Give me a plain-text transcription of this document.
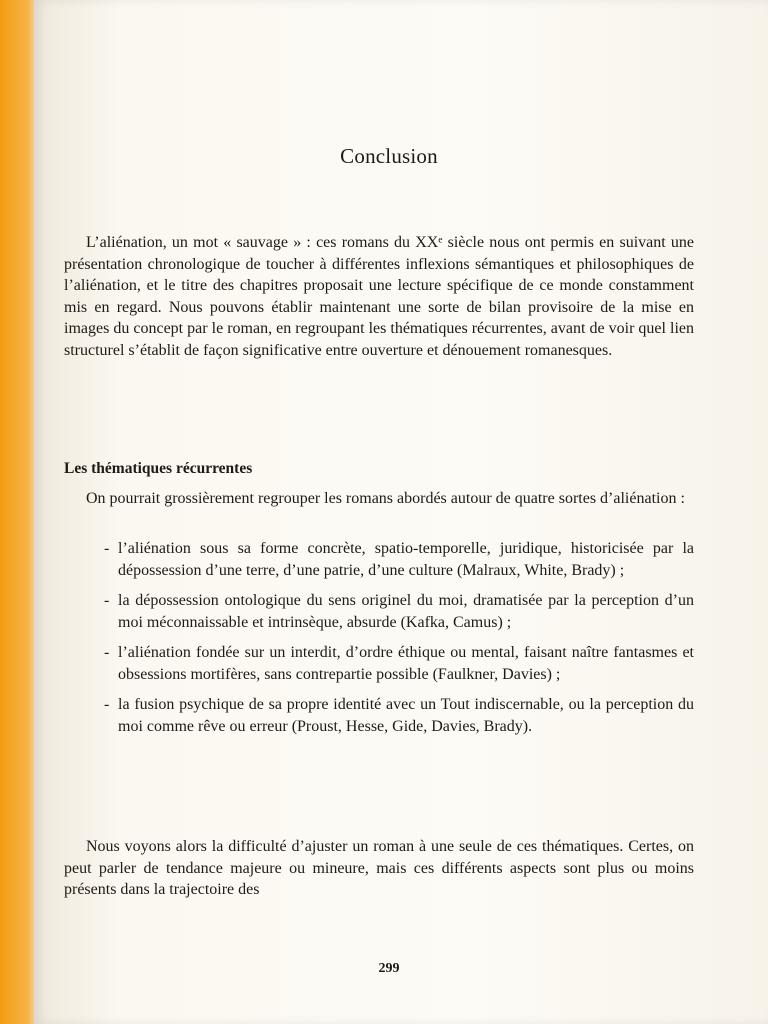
Conclusion

L’aliénation, un mot « sauvage » : ces romans du XXᵉ siècle nous ont permis en suivant une présentation chronologique de toucher à différentes inflexions sémantiques et philosophiques de l’aliénation, et le titre des chapitres proposait une lecture spécifique de ce monde constamment mis en regard. Nous pouvons établir maintenant une sorte de bilan provisoire de la mise en images du concept par le roman, en regroupant les thématiques récurrentes, avant de voir quel lien structurel s’établit de façon significative entre ouverture et dénouement romanesques.

Les thématiques récurrentes

On pourrait grossièrement regrouper les romans abordés autour de quatre sortes d’aliénation :

- l’aliénation sous sa forme concrète, spatio-temporelle, juridique, historicisée par la dépossession d’une terre, d’une patrie, d’une culture (Malraux, White, Brady) ;
- la dépossession ontologique du sens originel du moi, dramatisée par la perception d’un moi méconnaissable et intrinsèque, absurde (Kafka, Camus) ;
- l’aliénation fondée sur un interdit, d’ordre éthique ou mental, faisant naître fantasmes et obsessions mortifères, sans contrepartie possible (Faulkner, Davies) ;
- la fusion psychique de sa propre identité avec un Tout indiscernable, ou la perception du moi comme rêve ou erreur (Proust, Hesse, Gide, Davies, Brady).

Nous voyons alors la difficulté d’ajuster un roman à une seule de ces thématiques. Certes, on peut parler de tendance majeure ou mineure, mais ces différents aspects sont plus ou moins présents dans la trajectoire des

299
